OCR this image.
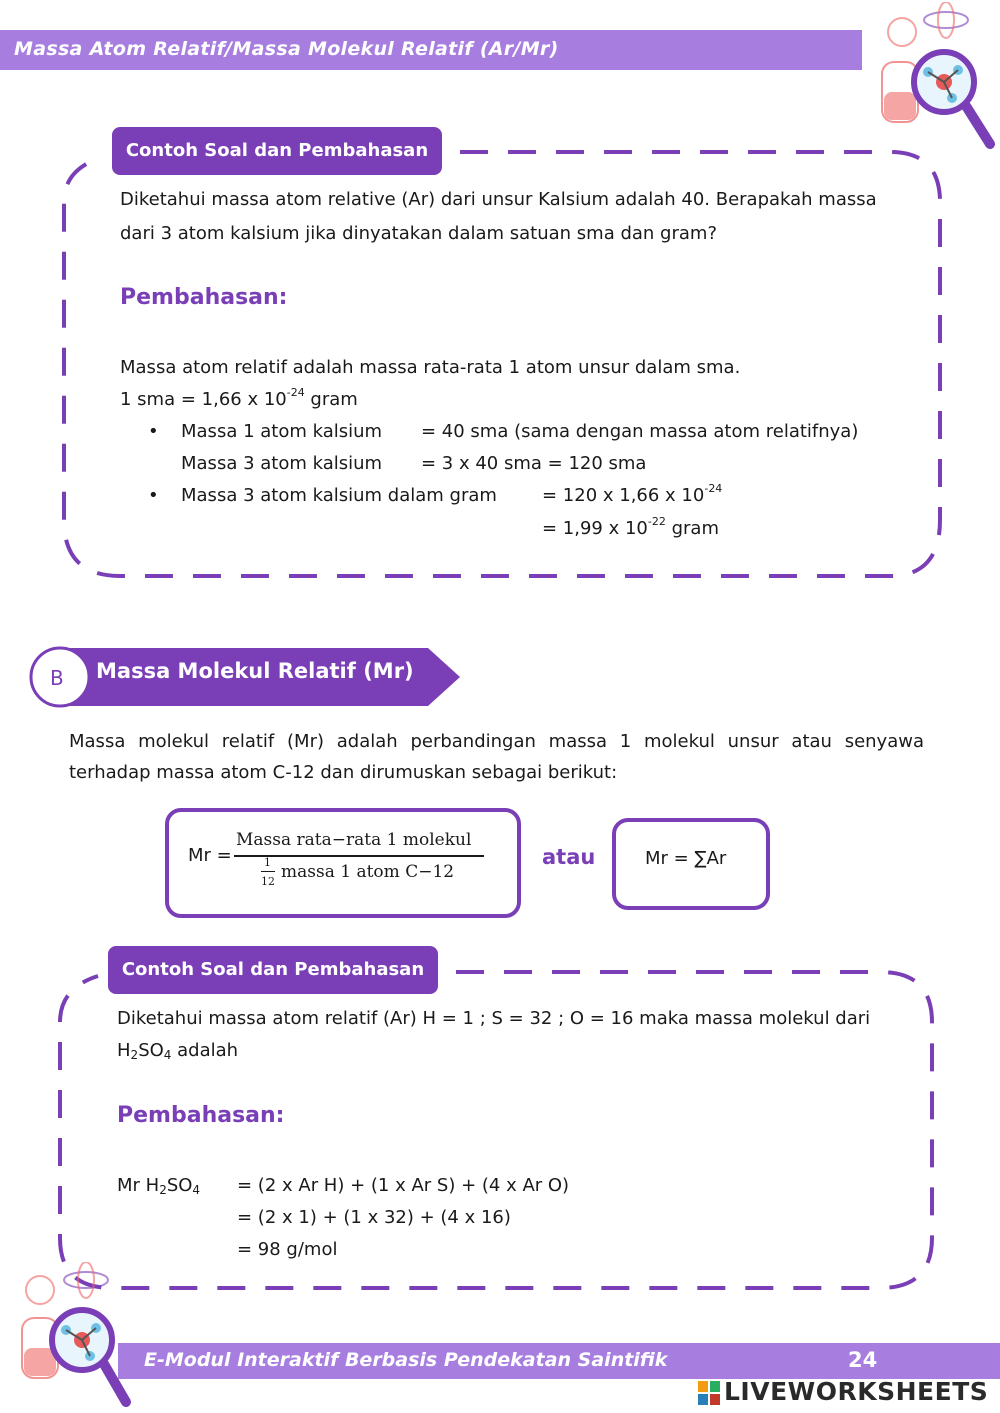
Massa Atom Relatif/Massa Molekul Relatif (Ar/Mr)
Contoh Soal dan Pembahasan
Diketahui massa atom relative (Ar) dari unsur Kalsium adalah 40. Berapakah massa
dari 3 atom kalsium jika dinyatakan dalam satuan sma dan gram?
Pembahasan:
Massa atom relatif adalah massa rata-rata 1 atom unsur dalam sma.
1 sma = 1,66 x $10^{-24}$ gram
• Massa 1 atom kalsium = 40 sma (sama dengan massa atom relatifnya)
Massa 3 atom kalsium = 3 x 40 sma = 120 sma
• Massa 3 atom kalsium dalam gram	= 120 x 1,66 x $10^{-24}$
= 1,99 x $10^{-22}$ gram
B Massa Molekul Relatif (Mr)
Massa molekul relatif (Mr) adalah perbandingan massa 1 molekul unsur atau senyawa
terhadap massa atom C-12 dan dirumuskan sebagai berikut:
Mr =
Massa rata−rata 1 molekul
1
12 massa 1 atom C−12
atau	Mr = ∑Ar
Contoh Soal dan Pembahasan
Diketahui massa atom relatif (Ar) H = 1 ; S = 32 ; O = 16 maka massa molekul dari
$H_2SO_4$ adalah
Pembahasan:
Mr $H_2SO_4 = (2$ x Ar H) + (1 x Ar S) + (4 x Ar O)
= (2 x 1) + (1 x 32) + (4 x 16)
= 98 g/mol
E-Modul Interaktif Berbasis Pendekatan Saintifik	24
LIVEWORKSHEETS
